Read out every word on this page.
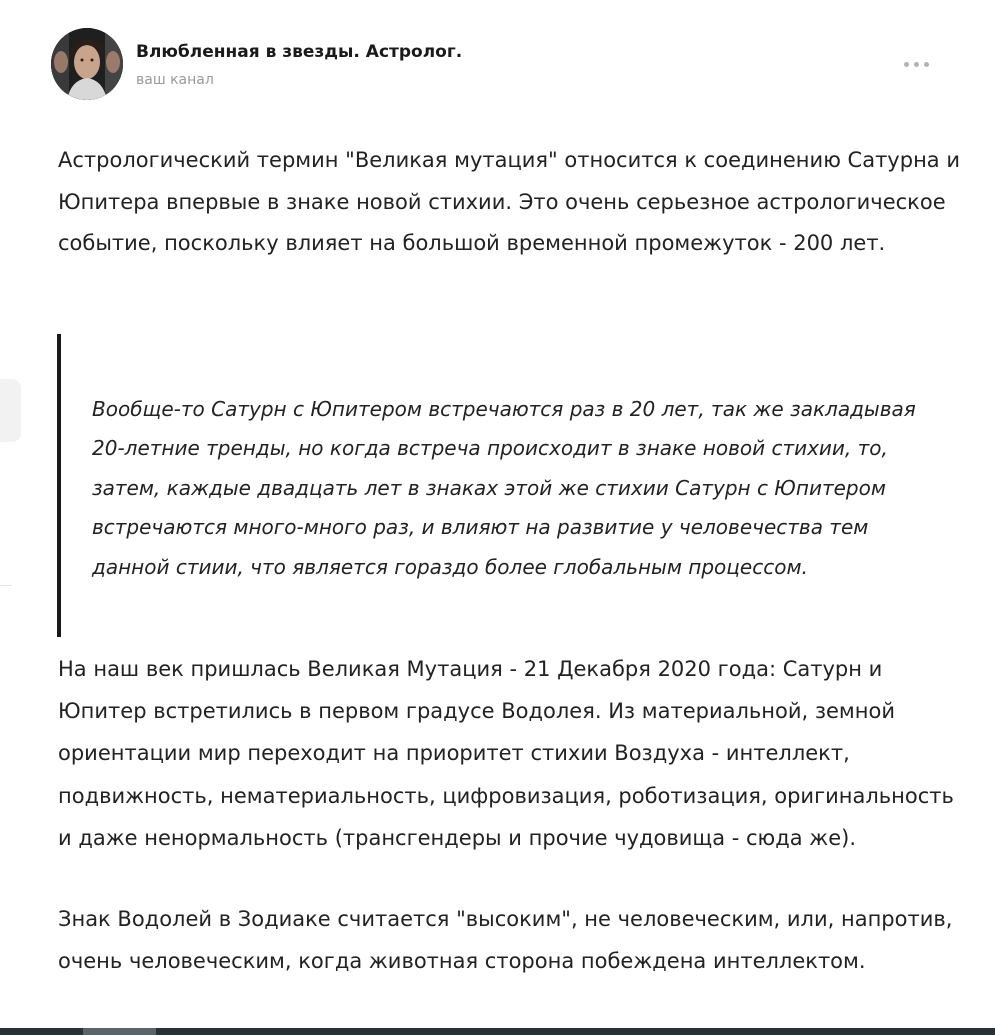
Влюбленная в звезды. Астролог.
ваш канал

Астрологический термин "Великая мутация" относится к соединению Сатурна и Юпитера впервые в знаке новой стихии. Это очень серьезное астрологическое событие, поскольку влияет на большой временной промежуток - 200 лет.

Вообще-то Сатурн с Юпитером встречаются раз в 20 лет, так же закладывая 20-летние тренды, но когда встреча происходит в знаке новой стихии, то, затем, каждые двадцать лет в знаках этой же стихии Сатурн с Юпитером встречаются много-много раз, и влияют на развитие у человечества тем данной стиии, что является гораздо более глобальным процессом.

На наш век пришлась Великая Мутация - 21 Декабря 2020 года: Сатурн и Юпитер встретились в первом градусе Водолея. Из материальной, земной ориентации мир переходит на приоритет стихии Воздуха - интеллект, подвижность, нематериальность, цифровизация, роботизация, оригинальность и даже ненормальность (трансгендеры и прочие чудовища - сюда же).

Знак Водолей в Зодиаке считается "высоким", не человеческим, или, напротив, очень человеческим, когда животная сторона побеждена интеллектом.
